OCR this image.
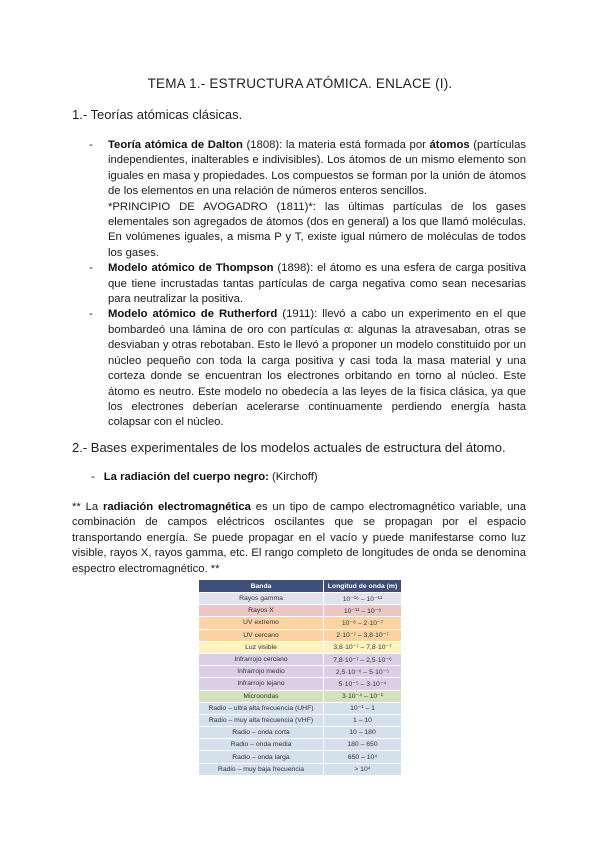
TEMA 1.- ESTRUCTURA ATÓMICA. ENLACE (I).
1.- Teorías atómicas clásicas.
- Teoría atómica de Dalton (1808): la materia está formada por átomos (partículas independientes, inalterables e indivisibles). Los átomos de un mismo elemento son iguales en masa y propiedades. Los compuestos se forman por la unión de átomos de los elementos en una relación de números enteros sencillos.

*PRINCIPIO DE AVOGADRO (1811)*: las últimas partículas de los gases elementales son agregados de átomos (dos en general) a los que llamó moléculas. En volúmenes iguales, a misma P y T, existe igual número de moléculas de todos los gases.

- Modelo atómico de Thompson (1898): el átomo es una esfera de carga positiva que tiene incrustadas tantas partículas de carga negativa como sean necesarias para neutralizar la positiva.

- Modelo atómico de Rutherford (1911): llevó a cabo un experimento en el que bombardeó una lámina de oro con partículas α: algunas la atravesaban, otras se desviaban y otras rebotaban. Esto le llevó a proponer un modelo constituido por un núcleo pequeño con toda la carga positiva y casi toda la masa material y una corteza donde se encuentran los electrones orbitando en torno al núcleo. Este átomo es neutro. Este modelo no obedecía a las leyes de la física clásica, ya que los electrones deberían acelerarse continuamente perdiendo energía hasta colapsar con el núcleo.

2.- Bases experimentales de los modelos actuales de estructura del átomo.
- La radiación del cuerpo negro: (Kirchoff)

** La radiación electromagnética es un tipo de campo electromagnético variable, una combinación de campos eléctricos oscilantes que se propagan por el espacio transportando energía. Se puede propagar en el vacío y puede manifestarse como luz visible, rayos X, rayos gamma, etc. El rango completo de longitudes de onda se denomina espectro electromagnético. **

Banda	Longitud de onda (m)
Rayos gamma	10⁻¹⁶ – 10⁻¹¹
Rayos X	10⁻¹¹ – 10⁻⁸
UV extremo	10⁻⁸ – 2·10⁻⁷
UV cercano	2·10⁻⁷ – 3,8·10⁻⁷
Luz visible	3,8·10⁻⁷ – 7,8·10⁻⁷
Infrarrojo cercano	7,8·10⁻⁷ – 2,5·10⁻⁶
Infrarrojo medio	2,5·10⁻⁶ – 5·10⁻⁵
Infrarrojo lejano	5·10⁻⁵ – 3·10⁻⁴
Microondas	3·10⁻⁴ – 10⁻¹
Radio – ultra alta frecuencia (UHF)	10⁻¹ – 1
Radio – muy alta frecuencia (VHF)	1 – 10
Radio – onda corta	10 – 180
Radio – onda media	180 – 650
Radio – onda larga	650 – 10⁴
Radio – muy baja frecuencia	> 10⁴
